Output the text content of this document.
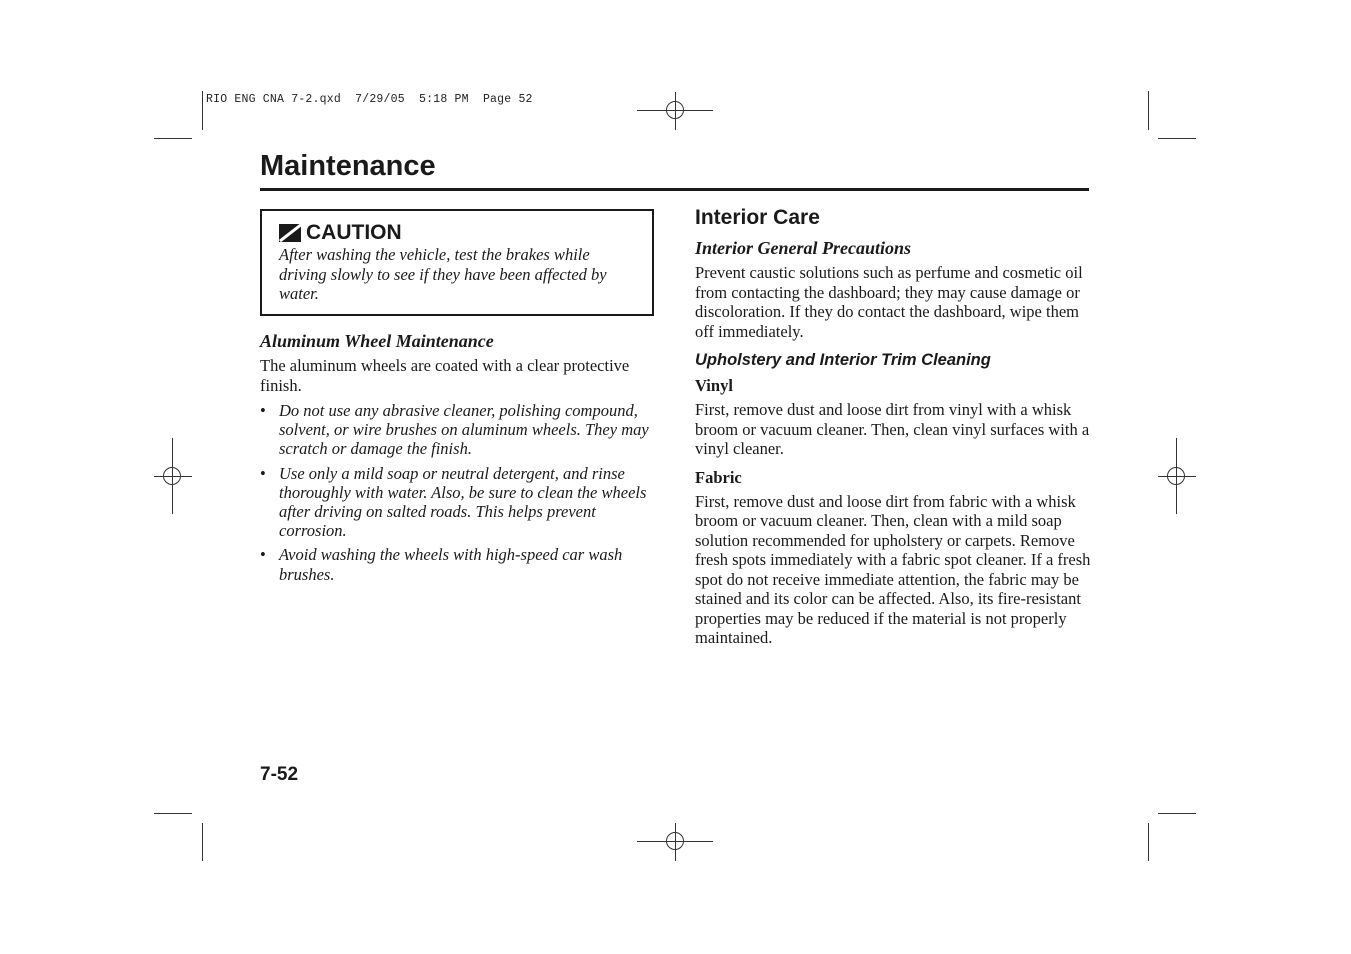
RIO ENG CNA 7-2.qxd  7/29/05  5:18 PM  Page 52
Maintenance
CAUTION
After washing the vehicle, test the brakes while driving slowly to see if they have been affected by water.

Aluminum Wheel Maintenance

The aluminum wheels are coated with a clear protective finish.

• Do not use any abrasive cleaner, polishing compound, solvent, or wire brushes on aluminum wheels. They may scratch or damage the finish.
• Use only a mild soap or neutral detergent, and rinse thoroughly with water. Also, be sure to clean the wheels after driving on salted roads. This helps prevent corrosion.
• Avoid washing the wheels with high-speed car wash brushes.
Interior Care

Interior General Precautions

Prevent caustic solutions such as perfume and cosmetic oil from contacting the dashboard; they may cause damage or discoloration. If they do contact the dashboard, wipe them off immediately.

Upholstery and Interior Trim Cleaning

Vinyl

First, remove dust and loose dirt from vinyl with a whisk broom or vacuum cleaner. Then, clean vinyl surfaces with a vinyl cleaner.

Fabric

First, remove dust and loose dirt from fabric with a whisk broom or vacuum cleaner. Then, clean with a mild soap solution recommended for upholstery or carpets. Remove fresh spots immediately with a fabric spot cleaner. If a fresh spot do not receive immediate attention, the fabric may be stained and its color can be affected. Also, its fire-resistant properties may be reduced if the material is not properly maintained.

7-52
